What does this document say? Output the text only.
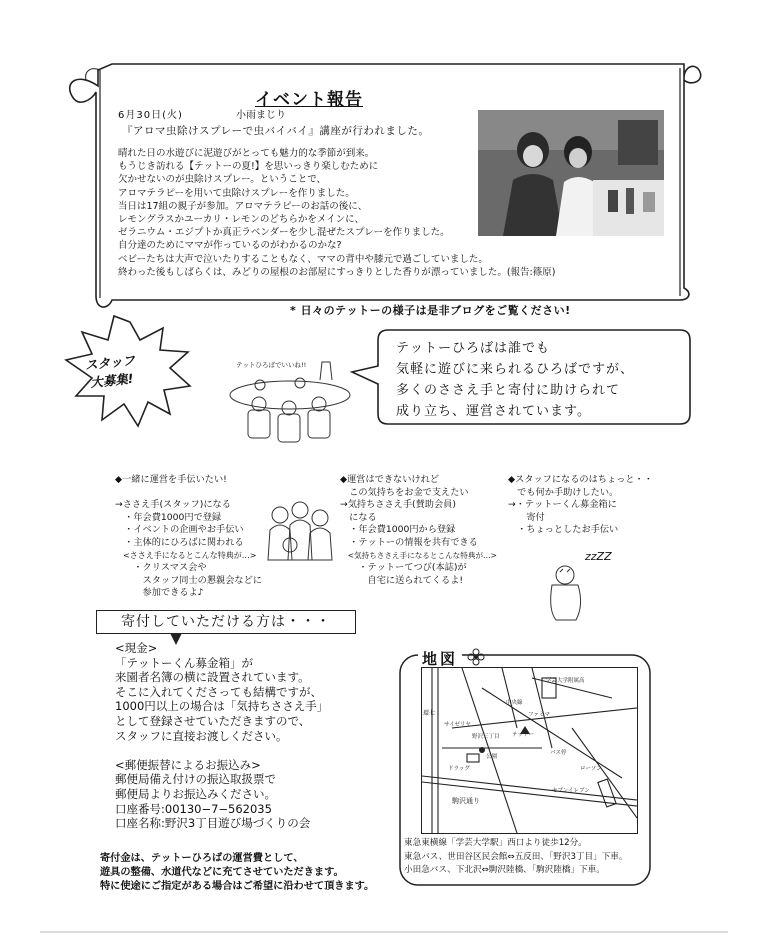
イベント報告
6月30日(火)	小雨まじり
『アロマ虫除けスプレーで虫バイバイ』講座が行われました。
晴れた日の水遊びに泥遊びがとっても魅力的な季節が到来。
もうじき訪れる【テットーの夏!】を思いっきり楽しむために
欠かせないのが虫除けスプレー。ということで、
アロマテラピーを用いて虫除けスプレーを作りました。
当日は17組の親子が参加。アロマテラピーのお話の後に、
レモングラスかユーカリ・レモンのどちらかをメインに、
ゼラニウム・エジプトか真正ラベンダーを少し混ぜたスプレーを作りました。
自分達のためにママが作っているのがわかるのかな?
ベビーたちは大声で泣いたりすることもなく、ママの背中や膝元で過ごしていました。
終わった後もしばらくは、みどりの屋根のお部屋にすっきりとした香りが漂っていました。(報告:篠原)
* 日々のテットーの様子は是非ブログをご覧ください!
スタッフ
大募集!
テットひろばでいいね!!
テットーひろばは誰でも
気軽に遊びに来られるひろばですが、
多くのささえ手と寄付に助けられて
成り立ち、運営されています。
◆一緒に運営を手伝いたい!

→ささえ手(スタッフ)になる
　・年会費1000円で登録
　・イベントの企画やお手伝い
　・主体的にひろばに関われる
　<ささえ手になるとこんな特典が…>
　　・クリスマス会や
　　　スタッフ同士の懇親会などに
　　　参加できるよ♪
◆運営はできないけれど
　この気持ちをお金で支えたい
→気持ちささえ手(賛助会員)
　になる
　・年会費1000円から登録
　・テットーの情報を共有できる
　<気持ちささえ手になるとこんな特典が…>
　　・テットーてつび(本誌)が
　　　自宅に送られてくるよ!
◆スタッフになるのはちょっと・・
　でも何か手助けしたい。
→・テットーくん募金箱に
　　寄付
　・ちょっとしたお手伝い
zzZZ
寄付していただける方は・・・
<現金>
「テットーくん募金箱」が
来園者名簿の横に設置されています。
そこに入れてくださっても結構ですが、
1000円以上の場合は「気持ちささえ手」
として登録させていただきますので、
スタッフに直接お渡しください。

<郵便振替によるお振込み>
郵便局備え付けの振込取扱票で
郵便局よりお振込みください。
口座番号:00130−7−562035
口座名称:野沢3丁目遊び場づくりの会
寄付金は、テットーひろばの運営費として、
遊具の整備、水道代などに充てさせていただきます。
特に使途にご指定がある場合はご希望に沿わせて頂きます。
地図
駒沢通り
環七
テットー
セブンイレブン
ローソン
野沢三丁目
ファミマ
学芸大学附属高
ドラッグ
サイゼリヤ
中央線
公園
バス停
東急東横線「学芸大学駅」西口より徒歩12分。
東急バス、世田谷区民会館⇔五反田、「野沢3丁目」下車。
小田急バス、下北沢⇔駒沢陸橋、「駒沢陸橋」下車。
